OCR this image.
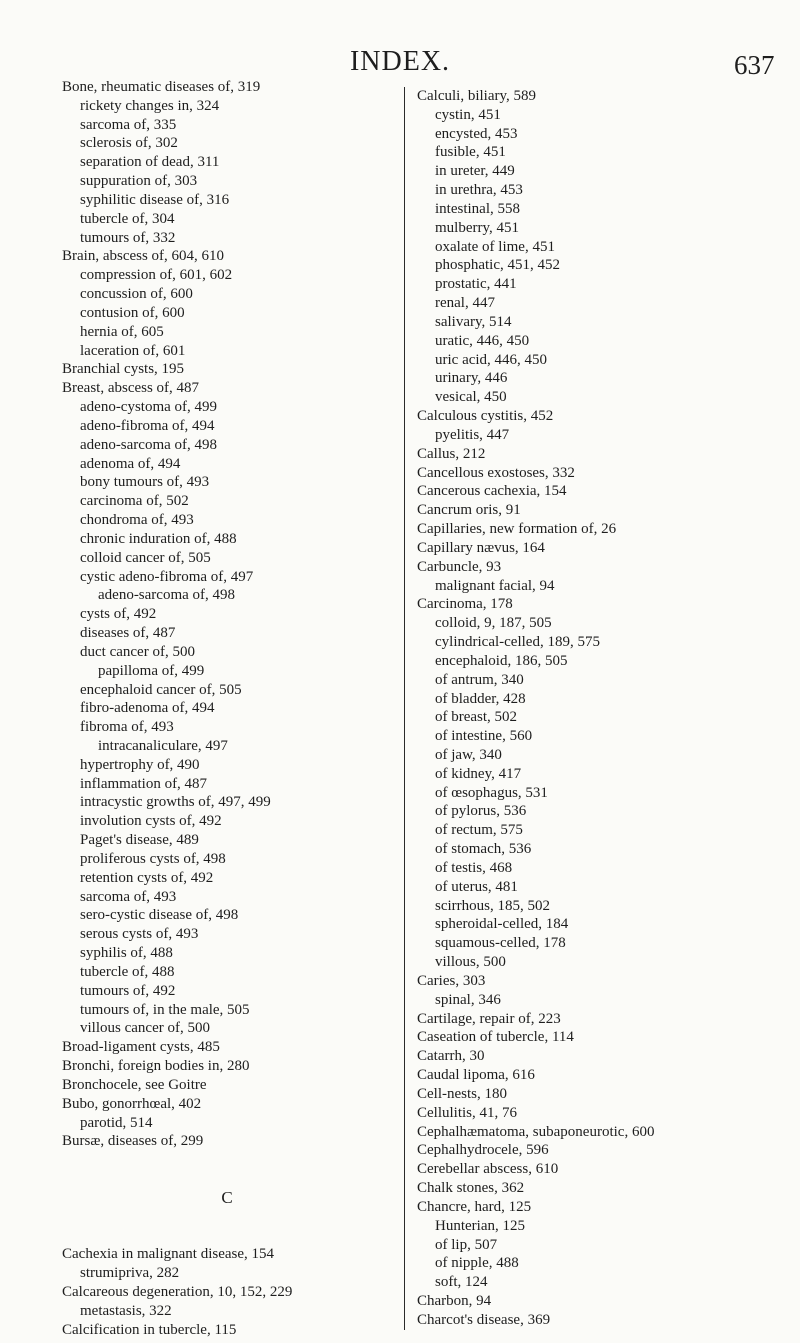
INDEX.	637
Bone, rheumatic diseases of, 319
rickety changes in, 324
sarcoma of, 335
sclerosis of, 302
separation of dead, 311
suppuration of, 303
syphilitic disease of, 316
tubercle of, 304
tumours of, 332
Brain, abscess of, 604, 610
compression of, 601, 602
concussion of, 600
contusion of, 600
hernia of, 605
laceration of, 601
Branchial cysts, 195
Breast, abscess of, 487
adeno-cystoma of, 499
adeno-fibroma of, 494
adeno-sarcoma of, 498
adenoma of, 494
bony tumours of, 493
carcinoma of, 502
chondroma of, 493
chronic induration of, 488
colloid cancer of, 505
cystic adeno-fibroma of, 497
adeno-sarcoma of, 498
cysts of, 492
diseases of, 487
duct cancer of, 500
papilloma of, 499
encephaloid cancer of, 505
fibro-adenoma of, 494
fibroma of, 493
intracanaliculare, 497
hypertrophy of, 490
inflammation of, 487
intracystic growths of, 497, 499
involution cysts of, 492
Paget's disease, 489
proliferous cysts of, 498
retention cysts of, 492
sarcoma of, 493
sero-cystic disease of, 498
serous cysts of, 493
syphilis of, 488
tubercle of, 488
tumours of, 492
tumours of, in the male, 505
villous cancer of, 500
Broad-ligament cysts, 485
Bronchi, foreign bodies in, 280
Bronchocele, see Goitre
Bubo, gonorrhœal, 402
parotid, 514
Bursæ, diseases of, 299
C
Cachexia in malignant disease, 154
strumipriva, 282
Calcareous degeneration, 10, 152, 229
metastasis, 322
Calcification in tubercle, 115
Calculi, biliary, 589
cystin, 451
encysted, 453
fusible, 451
in ureter, 449
in urethra, 453
intestinal, 558
mulberry, 451
oxalate of lime, 451
phosphatic, 451, 452
prostatic, 441
renal, 447
salivary, 514
uratic, 446, 450
uric acid, 446, 450
urinary, 446
vesical, 450
Calculous cystitis, 452
pyelitis, 447
Callus, 212
Cancellous exostoses, 332
Cancerous cachexia, 154
Cancrum oris, 91
Capillaries, new formation of, 26
Capillary nævus, 164
Carbuncle, 93
malignant facial, 94
Carcinoma, 178
colloid, 9, 187, 505
cylindrical-celled, 189, 575
encephaloid, 186, 505
of antrum, 340
of bladder, 428
of breast, 502
of intestine, 560
of jaw, 340
of kidney, 417
of œsophagus, 531
of pylorus, 536
of rectum, 575
of stomach, 536
of testis, 468
of uterus, 481
scirrhous, 185, 502
spheroidal-celled, 184
squamous-celled, 178
villous, 500
Caries, 303
spinal, 346
Cartilage, repair of, 223
Caseation of tubercle, 114
Catarrh, 30
Caudal lipoma, 616
Cell-nests, 180
Cellulitis, 41, 76
Cephalhæmatoma, subaponeurotic, 600
Cephalhydrocele, 596
Cerebellar abscess, 610
Chalk stones, 362
Chancre, hard, 125
Hunterian, 125
of lip, 507
of nipple, 488
soft, 124
Charbon, 94
Charcot's disease, 369
